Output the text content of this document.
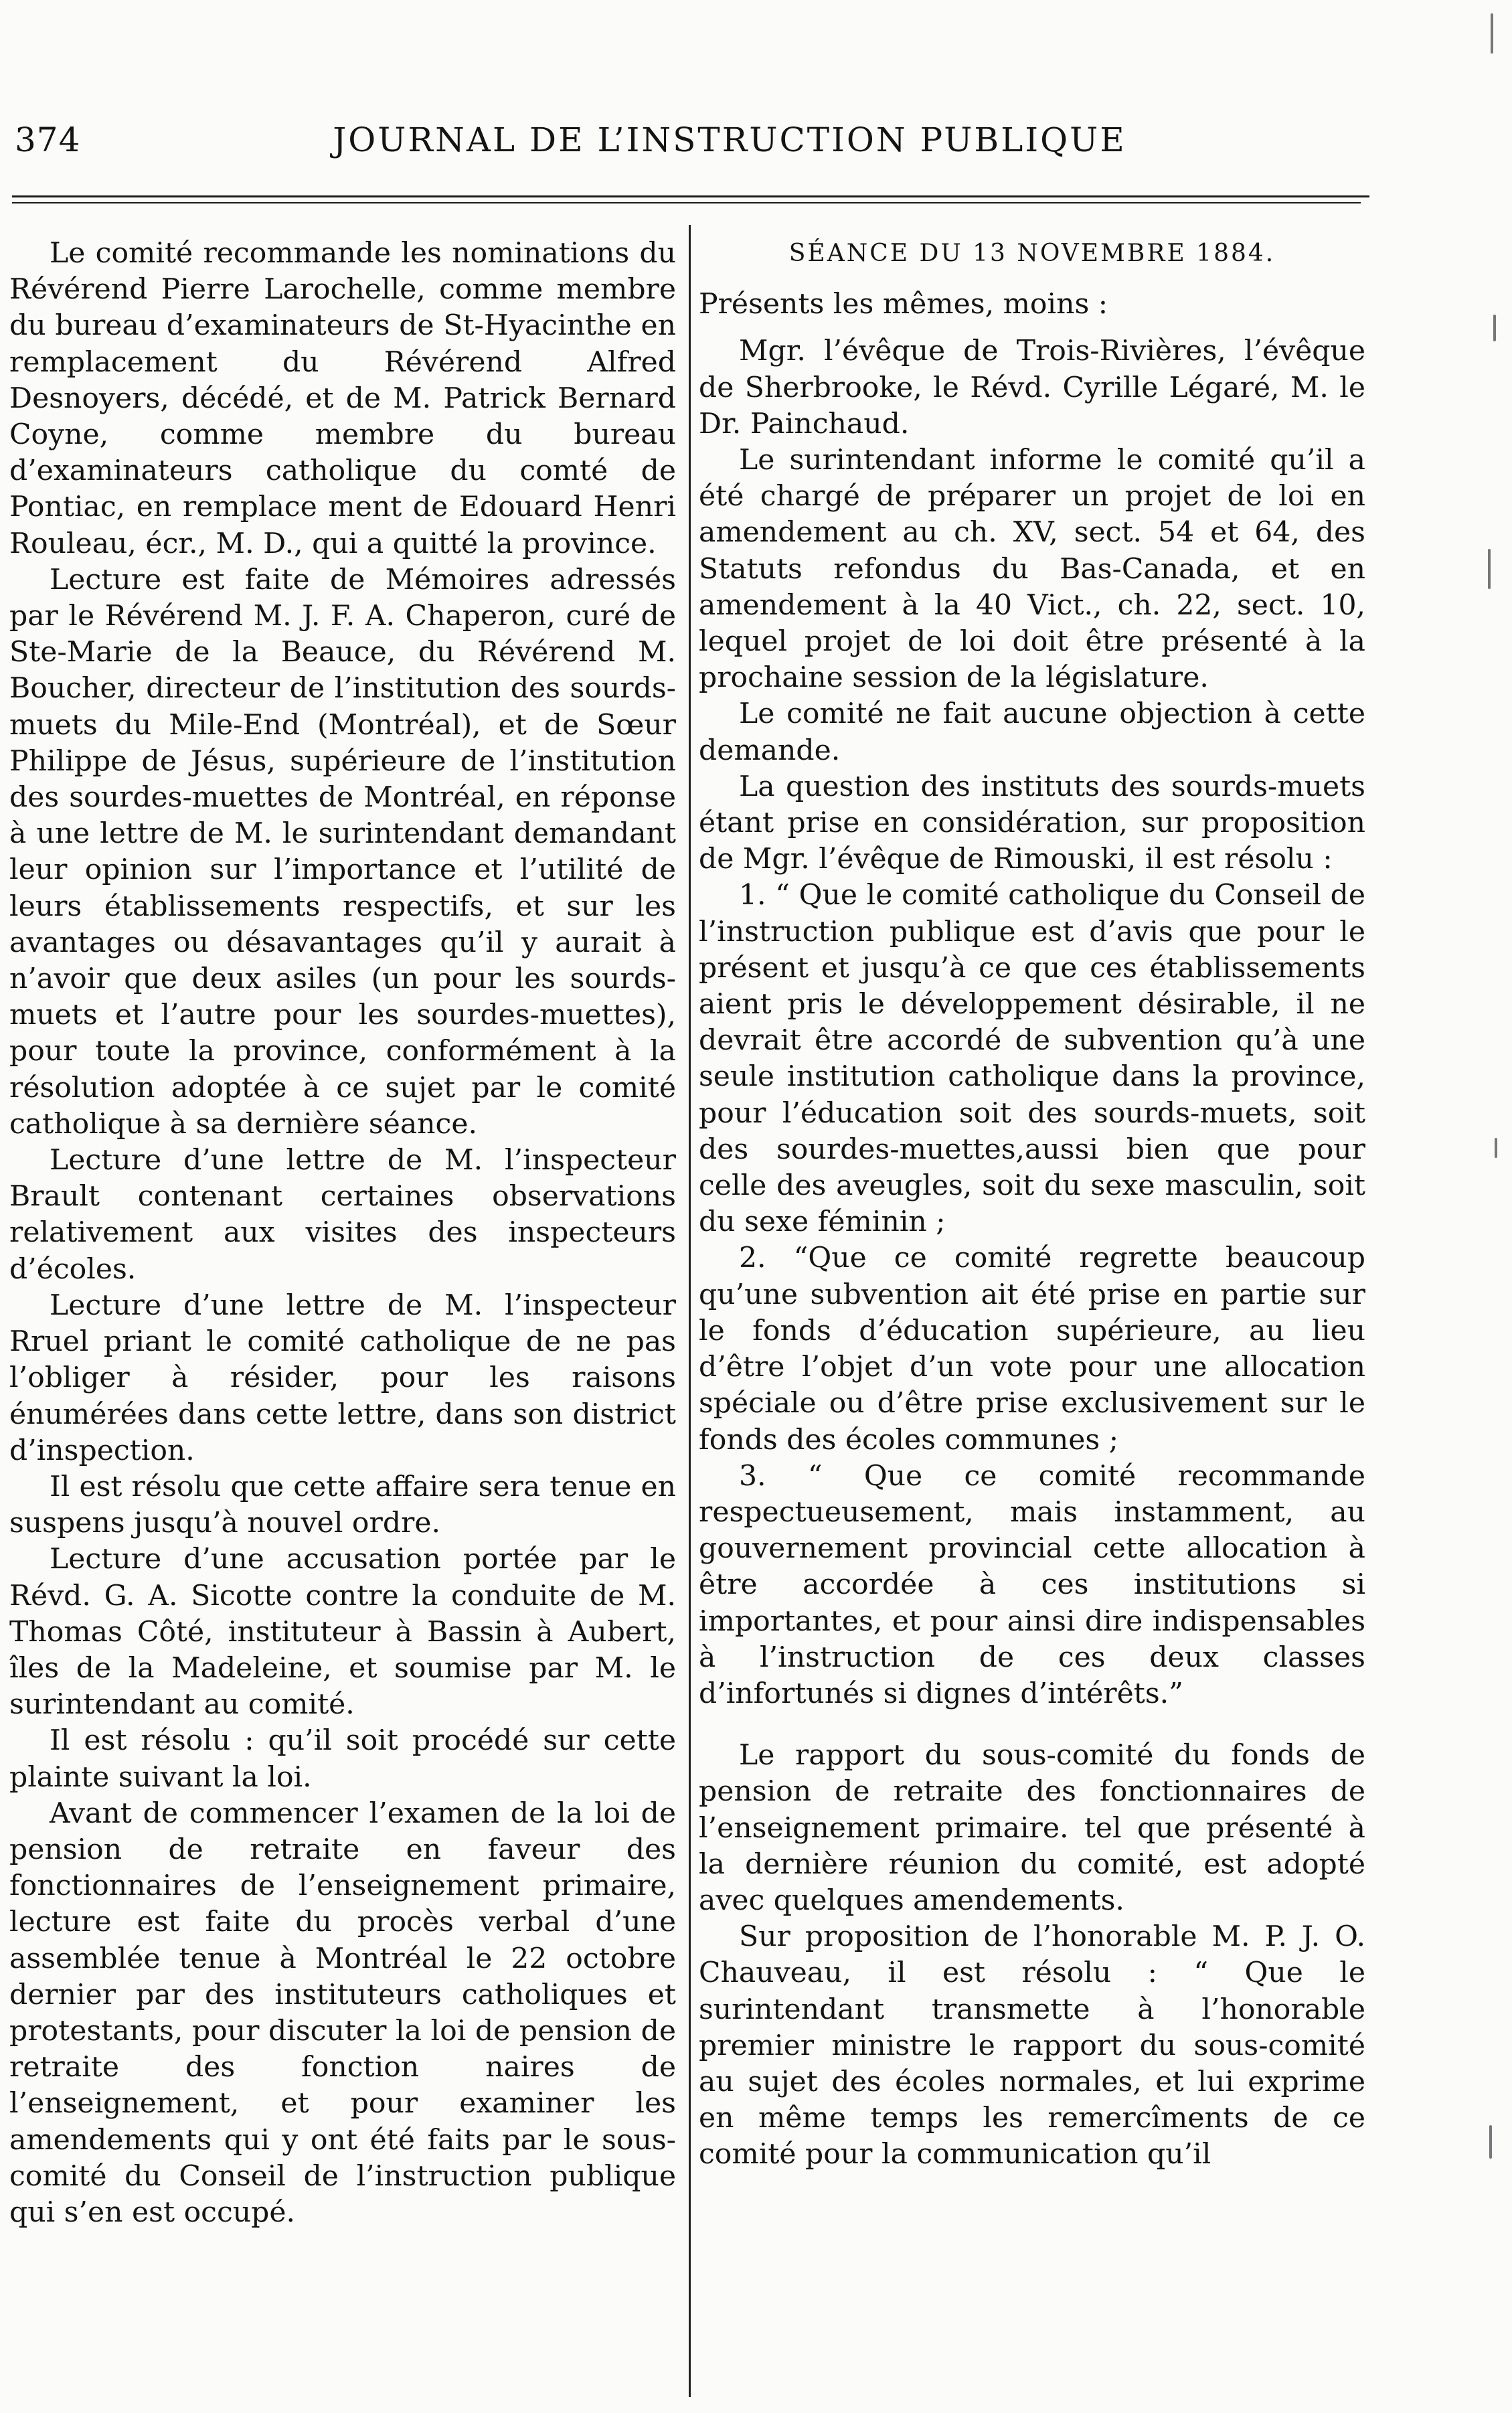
374	JOURNAL DE L’INSTRUCTION PUBLIQUE

Le comité recommande les nominations du Révérend Pierre Larochelle, comme membre du bureau d’examinateurs de St-Hyacinthe en remplacement du Révérend Alfred Desnoyers, décédé, et de M. Patrick Bernard Coyne, comme membre du bureau d’examinateurs catholique du comté de Pontiac, en remplace ment de Edouard Henri Rouleau, écr., M. D., qui a quitté la province.

Lecture est faite de Mémoires adressés par le Révérend M. J. F. A. Chaperon, curé de Ste-Marie de la Beauce, du Révérend M. Boucher, directeur de l’institution des sourds-muets du Mile-End (Montréal), et de Sœur Philippe de Jésus, supérieure de l’institution des sourdes-muettes de Montréal, en réponse à une lettre de M. le surintendant demandant leur opinion sur l’importance et l’utilité de leurs établissements respectifs, et sur les avantages ou désavantages qu’il y aurait à n’avoir que deux asiles (un pour les sourds-muets et l’autre pour les sourdes-muettes), pour toute la province, conformément à la résolution adoptée à ce sujet par le comité catholique à sa dernière séance.

Lecture d’une lettre de M. l’inspecteur Brault contenant certaines observations relativement aux visites des inspecteurs d’écoles.

Lecture d’une lettre de M. l’inspecteur Rruel priant le comité catholique de ne pas l’obliger à résider, pour les raisons énumérées dans cette lettre, dans son district d’inspection.

Il est résolu que cette affaire sera tenue en suspens jusqu’à nouvel ordre.

Lecture d’une accusation portée par le Révd. G. A. Sicotte contre la conduite de M. Thomas Côté, instituteur à Bassin à Aubert, îles de la Madeleine, et soumise par M. le surintendant au comité.

Il est résolu : qu’il soit procédé sur cette plainte suivant la loi.

Avant de commencer l’examen de la loi de pension de retraite en faveur des fonctionnaires de l’enseignement primaire, lecture est faite du procès verbal d’une assemblée tenue à Montréal le 22 octobre dernier par des instituteurs catholiques et protestants, pour discuter la loi de pension de retraite des fonction naires de l’enseignement, et pour examiner les amendements qui y ont été faits par le sous-comité du Conseil de l’instruction publique qui s’en est occupé.

SÉANCE DU 13 NOVEMBRE 1884.

Présents les mêmes, moins :

Mgr. l’évêque de Trois-Rivières, l’évêque de Sherbrooke, le Révd. Cyrille Légaré, M. le Dr. Painchaud.

Le surintendant informe le comité qu’il a été chargé de préparer un projet de loi en amendement au ch. XV, sect. 54 et 64, des Statuts refondus du Bas-Canada, et en amendement à la 40 Vict., ch. 22, sect. 10, lequel projet de loi doit être présenté à la prochaine session de la législature.

Le comité ne fait aucune objection à cette demande.

La question des instituts des sourds-muets étant prise en considération, sur proposition de Mgr. l’évêque de Rimouski, il est résolu :

1. “ Que le comité catholique du Conseil de l’instruction publique est d’avis que pour le présent et jusqu’à ce que ces établissements aient pris le développement désirable, il ne devrait être accordé de subvention qu’à une seule institution catholique dans la province, pour l’éducation soit des sourds-muets, soit des sourdes-muettes,aussi bien que pour celle des aveugles, soit du sexe masculin, soit du sexe féminin ;

2. “Que ce comité regrette beaucoup qu’une subvention ait été prise en partie sur le fonds d’éducation supérieure, au lieu d’être l’objet d’un vote pour une allocation spéciale ou d’être prise exclusivement sur le fonds des écoles communes ;

3. “ Que ce comité recommande respectueusement, mais instamment, au gouvernement provincial cette allocation à être accordée à ces institutions si importantes, et pour ainsi dire indispensables à l’instruction de ces deux classes d’infortunés si dignes d’intérêts.”

Le rapport du sous-comité du fonds de pension de retraite des fonctionnaires de l’enseignement primaire. tel que présenté à la dernière réunion du comité, est adopté avec quelques amendements.

Sur proposition de l’honorable M. P. J. O. Chauveau, il est résolu : “ Que le surintendant transmette à l’honorable premier ministre le rapport du sous-comité au sujet des écoles normales, et lui exprime en même temps les remercîments de ce comité pour la communication qu’il
